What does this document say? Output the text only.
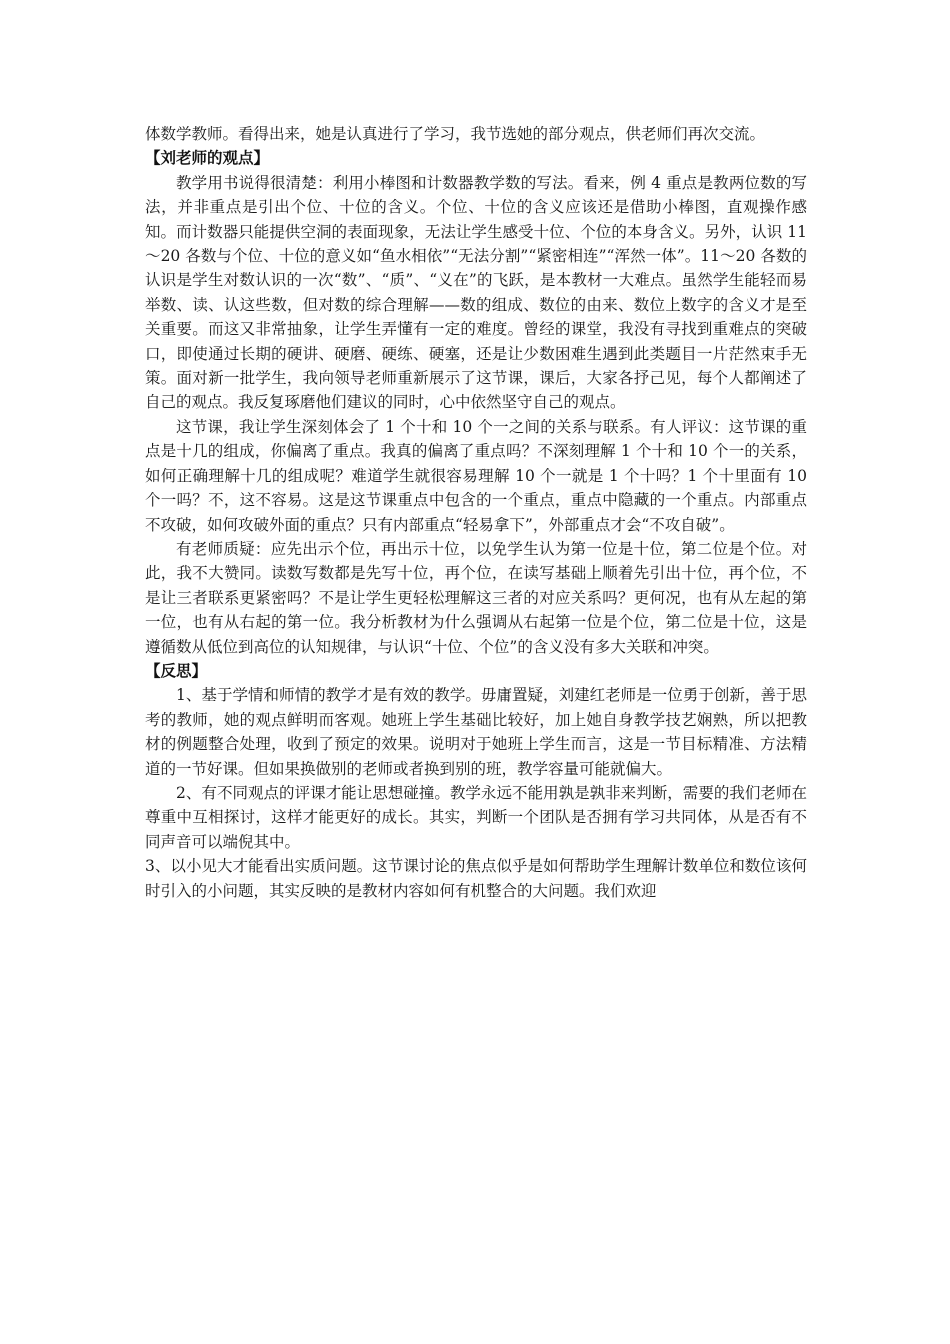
体数学教师。看得出来，她是认真进行了学习，我节选她的部分观点，供老师们再次交流。

【刘老师的观点】

教学用书说得很清楚：利用小棒图和计数器教学数的写法。看来，例 4 重点是教两位数的写法，并非重点是引出个位、十位的含义。个位、十位的含义应该还是借助小棒图，直观操作感知。而计数器只能提供空洞的表面现象，无法让学生感受十位、个位的本身含义。另外，认识 11～20 各数与个位、十位的意义如“鱼水相依”“无法分割”“紧密相连”“浑然一体”。11～20 各数的认识是学生对数认识的一次“数”、“质”、“义在”的飞跃，是本教材一大难点。虽然学生能轻而易举数、读、认这些数，但对数的综合理解——数的组成、数位的由来、数位上数字的含义才是至关重要。而这又非常抽象，让学生弄懂有一定的难度。曾经的课堂，我没有寻找到重难点的突破口，即使通过长期的硬讲、硬磨、硬练、硬塞，还是让少数困难生遇到此类题目一片茫然束手无策。面对新一批学生，我向领导老师重新展示了这节课，课后，大家各抒己见，每个人都阐述了自己的观点。我反复琢磨他们建议的同时，心中依然坚守自己的观点。

这节课，我让学生深刻体会了 1 个十和 10 个一之间的关系与联系。有人评议：这节课的重点是十几的组成，你偏离了重点。我真的偏离了重点吗？不深刻理解 1 个十和 10 个一的关系，如何正确理解十几的组成呢？难道学生就很容易理解 10 个一就是 1 个十吗？1 个十里面有 10 个一吗？不，这不容易。这是这节课重点中包含的一个重点，重点中隐藏的一个重点。内部重点不攻破，如何攻破外面的重点？只有内部重点“轻易拿下”，外部重点才会“不攻自破”。

有老师质疑：应先出示个位，再出示十位，以免学生认为第一位是十位，第二位是个位。对此，我不大赞同。读数写数都是先写十位，再个位，在读写基础上顺着先引出十位，再个位，不是让三者联系更紧密吗？不是让学生更轻松理解这三者的对应关系吗？更何况，也有从左起的第一位，也有从右起的第一位。我分析教材为什么强调从右起第一位是个位，第二位是十位，这是遵循数从低位到高位的认知规律，与认识“十位、个位”的含义没有多大关联和冲突。

【反思】

1、基于学情和师情的教学才是有效的教学。毋庸置疑，刘建红老师是一位勇于创新，善于思考的教师，她的观点鲜明而客观。她班上学生基础比较好，加上她自身教学技艺娴熟，所以把教材的例题整合处理，收到了预定的效果。说明对于她班上学生而言，这是一节目标精准、方法精道的一节好课。但如果换做别的老师或者换到别的班，教学容量可能就偏大。

2、有不同观点的评课才能让思想碰撞。教学永远不能用孰是孰非来判断，需要的我们老师在尊重中互相探讨，这样才能更好的成长。其实，判断一个团队是否拥有学习共同体，从是否有不同声音可以端倪其中。

3、以小见大才能看出实质问题。这节课讨论的焦点似乎是如何帮助学生理解计数单位和数位该何时引入的小问题，其实反映的是教材内容如何有机整合的大问题。我们欢迎
